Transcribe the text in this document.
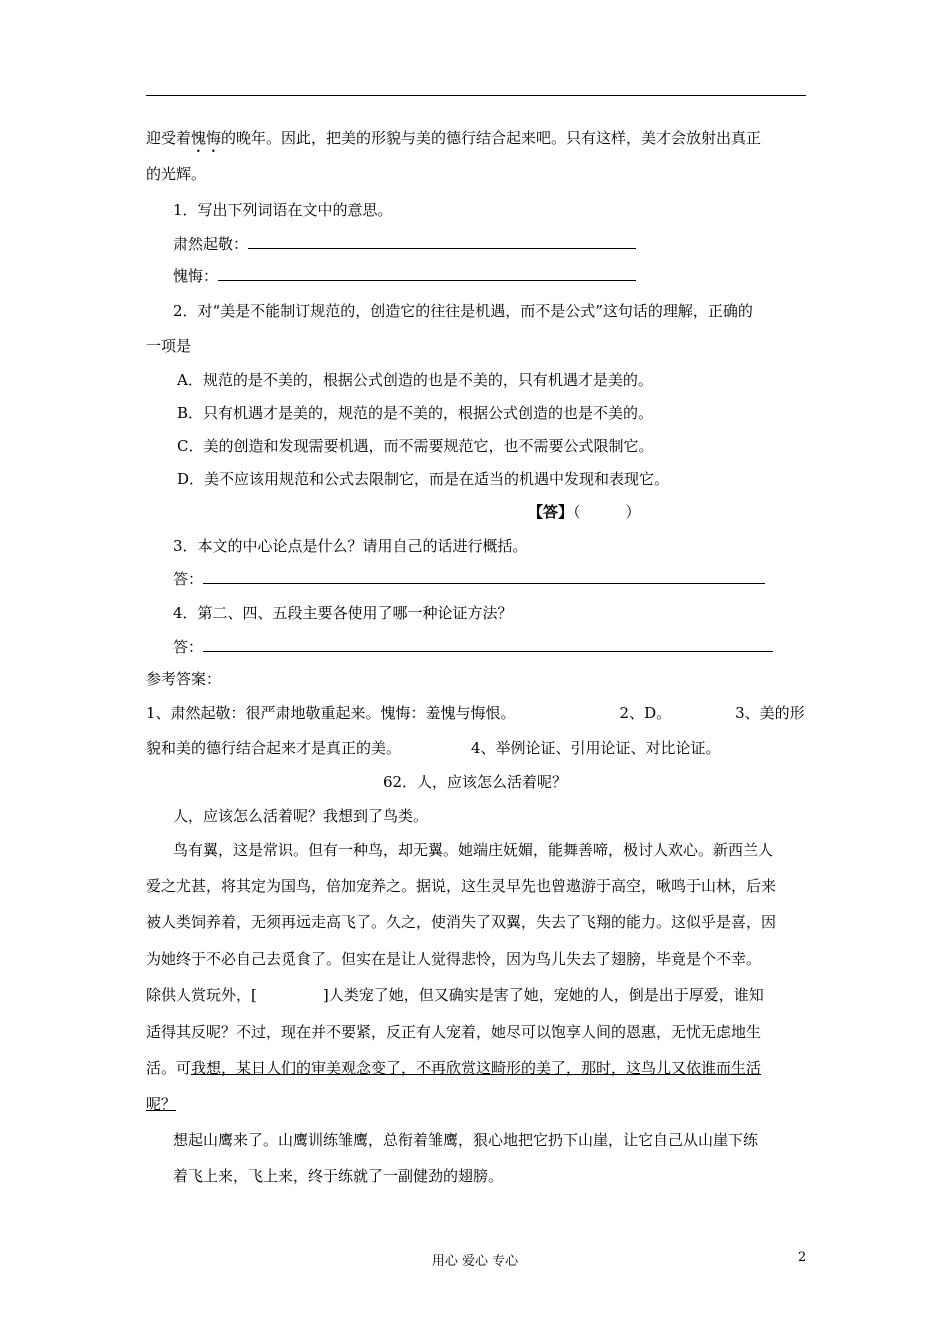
迎受着愧悔的晚年。因此，把美的形貌与美的德行结合起来吧。只有这样，美才会放射出真正
的光辉。
1．写出下列词语在文中的意思。
肃然起敬：
愧悔：
2．对“美是不能制订规范的，创造它的往往是机遇，而不是公式”这句话的理解，正确的
一项是
A．规范的是不美的，根据公式创造的也是不美的，只有机遇才是美的。
B．只有机遇才是美的，规范的是不美的，根据公式创造的也是不美的。
C．美的创造和发现需要机遇，而不需要规范它，也不需要公式限制它。
D．美不应该用规范和公式去限制它，而是在适当的机遇中发现和表现它。
【答】（　　　）
3．本文的中心论点是什么？请用自己的话进行概括。
答：
4．第二、四、五段主要各使用了哪一种论证方法？
答：
参考答案：
1、肃然起敬：很严肃地敬重起来。愧悔：羞愧与悔恨。	2、D。	3、美的形
貌和美的德行结合起来才是真正的美。	4、举例论证、引用论证、对比论证。
62．人，应该怎么活着呢？
人，应该怎么活着呢？我想到了鸟类。
鸟有翼，这是常识。但有一种鸟，却无翼。她端庄妩媚，能舞善啼，极讨人欢心。新西兰人
爱之尤甚，将其定为国鸟，倍加宠养之。据说，这生灵早先也曾遨游于高空，啾鸣于山林，后来
被人类饲养着，无须再远走高飞了。久之，使消失了双翼，失去了飞翔的能力。这似乎是喜，因
为她终于不必自己去觅食了。但实在是让人觉得悲怜，因为鸟儿失去了翅膀，毕竟是个不幸。
除供人赏玩外，[	]人类宠了她，但又确实是害了她，宠她的人，倒是出于厚爱，谁知
适得其反呢？不过，现在并不要紧，反正有人宠着，她尽可以饱享人间的恩惠，无忧无虑地生
活。可我想，某日人们的审美观念变了，不再欣赏这畸形的美了，那时，这鸟儿又依谁而生活
呢？
想起山鹰来了。山鹰训练雏鹰，总衔着雏鹰，狠心地把它扔下山崖，让它自己从山崖下练
着飞上来，飞上来，终于练就了一副健劲的翅膀。
用心 爱心 专心	2
